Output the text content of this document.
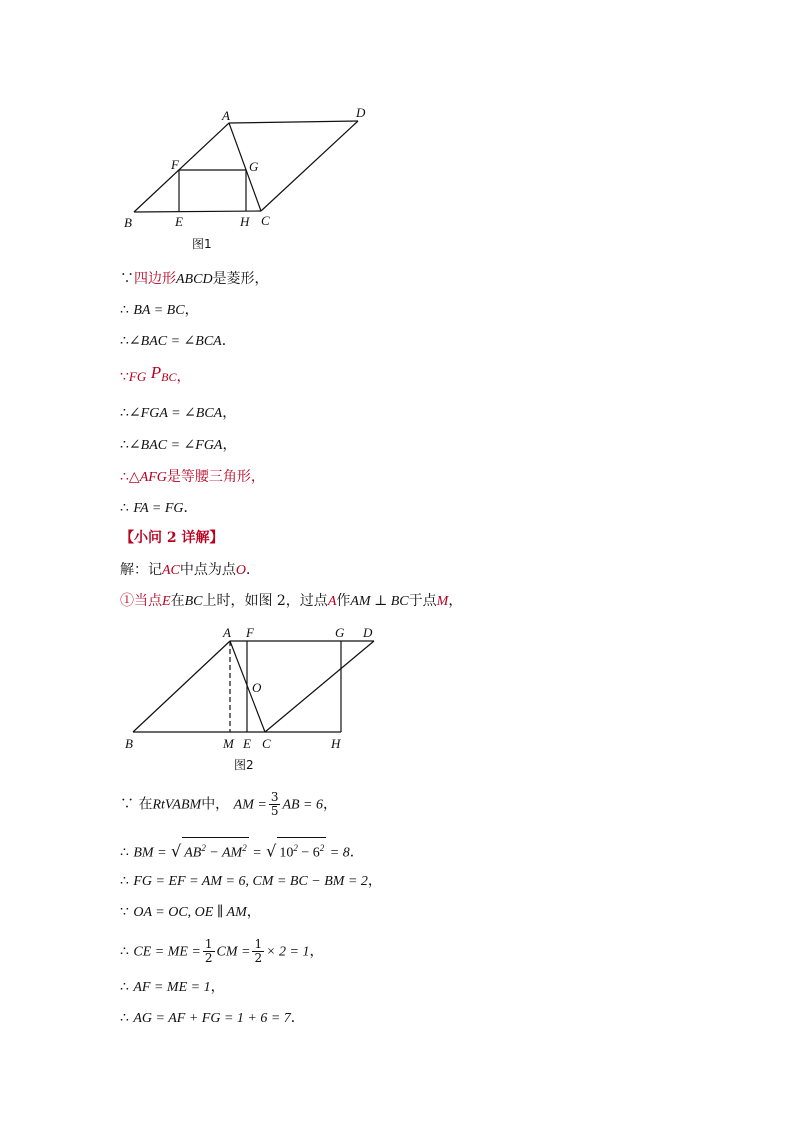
A	D
F	G
B	E	H C
图1
∵四边形ABCD是菱形，
∴ BA = BC，
∴∠BAC = ∠BCA．
∵FG PBC，
∴∠FGA = ∠BCA，
∴∠BAC = ∠FGA，
∴△AFG是等腰三角形，
∴ FA = FG．
【小问 2 详解】
解：记AC中点为点O．
①当点E在BC上时，如图 2，过点A作AM ⊥ BC于点M，
A F	G D
O
B	M E C	H
图2
∵ 在RtVABM中， AM = $\frac{3}{5}$ AB = 6，
∴ BM = √ $AB^2 - AM^2$ = √ $10^2 - 6^2 = 8$．
∴ FG = EF = AM = 6, CM = BC − BM = 2，
∵ OA = OC, OE ∥ AM，
∴ CE = ME = $\frac{1}{2}$ CM = $\frac{1}{2} \times 2 = 1$，
∴ AF = ME = 1，
∴ AG = AF + FG = 1 + 6 = 7．
